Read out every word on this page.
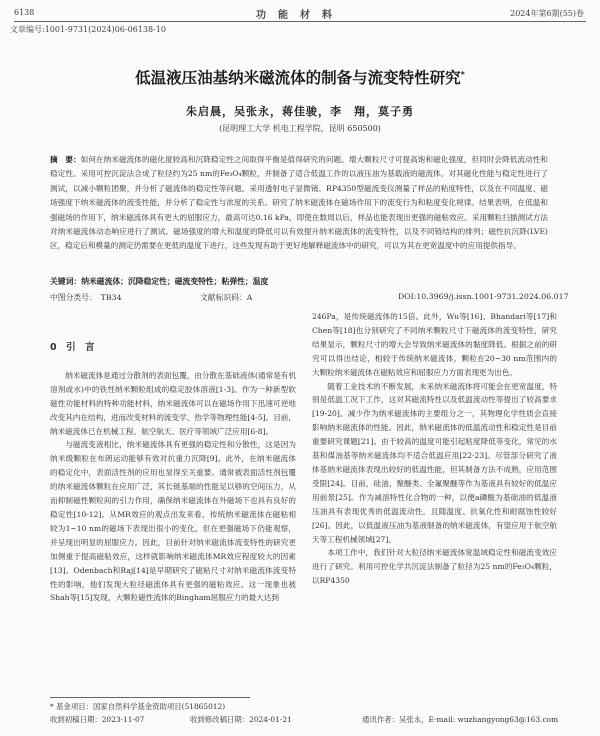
6138	功能材料	2024年第6期(55)卷
文章编号:1001-9731(2024)06-06138-10
低温液压油基纳米磁流体的制备与流变特性研究*
朱启晨，吴张永，蒋佳骏，李　翔，莫子勇
(昆明理工大学 机电工程学院，昆明 650500)
摘　要：如何在纳米磁流体的磁化度较高和沉降稳定性之间取得平衡是值得研究的问题。增大颗粒尺寸可提高饱和磁化强度，但同时会降低流动性和稳定性。采用可控沉淀法合成了粒径约为25 nm的Fe₃O₄颗粒，并制备了适合低温工作的以液压油为基载液的磁流体。对其磁化性能与稳定性进行了测试，以减小颗粒团聚，并分析了磁流体的稳定性等问题。采用透射电子显微镜、RP4350型磁流变仪测量了样品的粘度特性，以及在不同温度、磁场强度下纳米磁流体的流变性能，并分析了稳定性与浓度的关系。研究了纳米磁流体在磁场作用下的流变行为和粘度变化规律。结果表明，在低温和强磁场的作用下，纳米磁流体具有更大的屈服应力，最高可达0.16 kPa，即使在数周以后，样品也能表现出更强的磁粘效应。采用颗粒扫描测试方法对纳米磁流体动态响应进行了测试。磁场强度的增大和温度的降低可以有效提升纳米磁流体的流变特性，以及不同链结构的排列；磁性抗沉降(LVE)区，稳定后和模量的测定仍需要在更低的温度下进行，这些发现有助于更好地解释磁流体中的研究，可以为其在更宽温度中的应用提供指导。
关键词：纳米磁流体；沉降稳定性；磁流变特性；粘弹性；温度
中图分类号：　TB34	文献标识码：A	DOI:10.3969/j.issn.1001-9731.2024.06.017
0　引　言

纳米磁流体是通过分散剂的表面包覆，由分散在基础液体(通常是有机溶剂或水)中的铁性纳米颗粒组成的稳定胶体溶液[1-3]。作为一种新型软磁性功能材料的特种功能材料，纳米磁流体可以在磁场作用下迅速可逆地改变其内在结构，进而改变材料的流变学、热学等物理性能[4-5]。目前，纳米磁流体已在机械工程、航空航天、医疗等领域广泛应用[6-8]。

与磁流变液相比，纳米磁流体具有更强的稳定性和分散性，这是因为纳米级颗粒在布朗运动能够有效对抗重力沉降[9]。此外，在纳米磁流体的稳定化中，表面活性剂的应用也显得至关重要。通常被表面活性剂包覆的纳米磁流体颗粒在应用广泛，其长链基端的性能足以够的空间压力，从而抑制磁性颗粒间的引力作用，确保纳米磁流体在外磁场下也具有良好的稳定性[10-12]。从MR效应的观点出发来看，传统纳米磁流体在磁粘相较为1~10 nm的磁场下表现出很小的变化，但在更强磁场下仍能观察，并呈现出明显的屈服应力。因此，目前针对纳米磁流体流变特性的研究更加侧重于提高磁粘效应，这样就影响纳米磁流体MR效应程度较大的因素[13]。Odenbach和Raj[14]是早期研究了磁粘尺寸对纳米磁流体流变特性的影响，他们发现大粒径磁流体具有更强的磁粘效应。这一现象也被Shah等[15]发现，大颗粒磁性流体的Bingham屈服应力的最大达到

246Pa，是传统磁流体的15倍。此外，Wu等[16]、Bhandari等[17]和Chen等[18]也分别研究了不同纳米颗粒尺寸下磁流体的流变特性，研究结果显示，颗粒尺寸的增大会导致纳米磁流体的黏度降低。根据之前的研究可以得出结论，相较于传统纳米磁流体，颗粒在20~30 nm范围内的大颗粒纳米磁流体在磁粘效应和屈服应力方面表现更为出色。

随着工业技术的不断发展，未来纳米磁流体将可能会在更宽温度，特别是低温工况下工作，这对其磁流特性以及低温流动性等提出了较高要求[19-20]。减少作为纳米磁流体的主要组分之一，其物理化学性质会直接影响纳米磁流体的性能。因此，纳米磁流体的低温流动性和稳定性是目前重要研究课题[21]。由于较高的温度可能引起粘度降低等变化，常见的水基和煤油基等纳米磁流体均不适合低温应用[22-23]。尽管部分研究了液体基纳米磁流体表现出较好的低温性能，但其制备方法不成熟，应用范围受限[24]。目前，硅油、聚醚类、全氟聚醚等作为基液具有较好的低温应用前景[25]。作为减溶特性化合物的一种，以便a磷酸为基础油的低温液压油具有表现优秀的低温流动性，且随温度、抗氧化性和耐腐蚀性较好[26]。因此，以低温液压油为基液制备的纳米磁流体，有望应用于航空航天等工程机械领域[27]。

本项工作中，我们针对大粒径纳米磁流体宽温域稳定性和磁流变效应进行了研究。利用可控化学共沉淀法制备了粒径为25 nm的Fe₃O₄颗粒，以RP4350

* 基金项目：国家自然科学基金资助项目(51865012)
收到初稿日期：2023-11-07	收到修改稿日期：2024-01-21	通讯作者：吴张永，E-mail: wuzhangyong63@163.com
